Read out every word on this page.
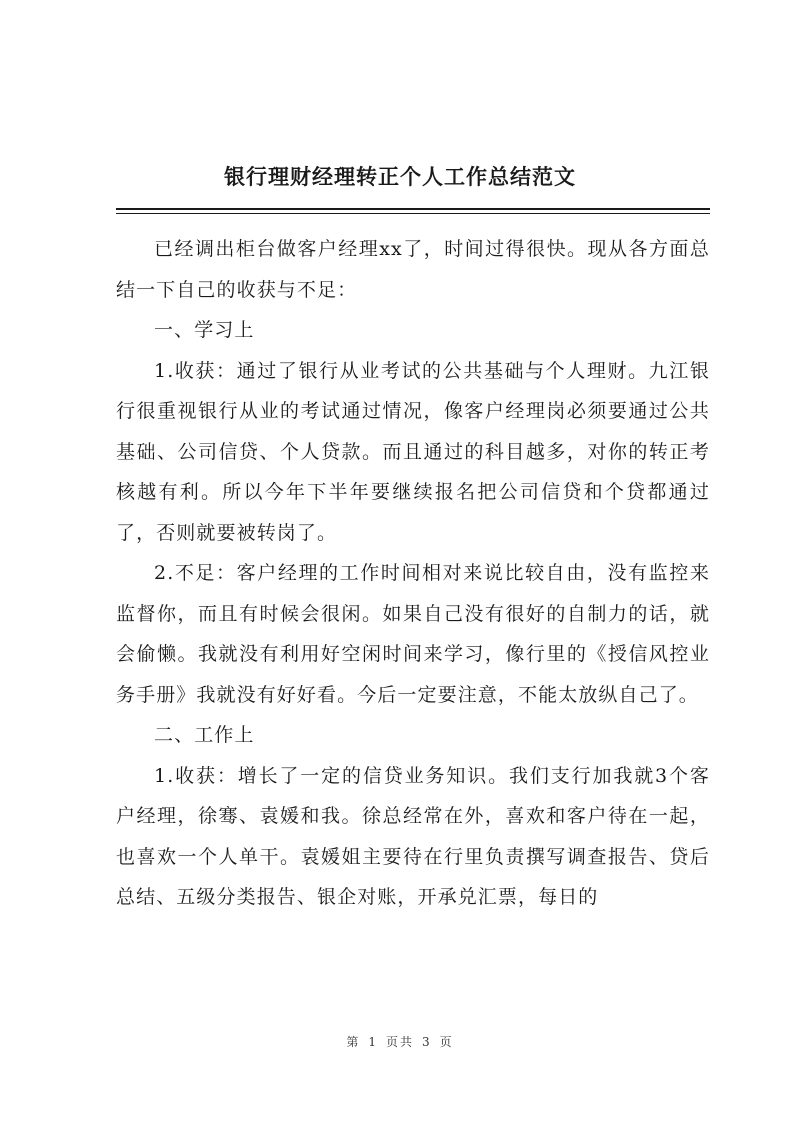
银行理财经理转正个人工作总结范文

已经调出柜台做客户经理xx了，时间过得很快。现从各方面总结一下自己的收获与不足：

一、学习上

1.收获：通过了银行从业考试的公共基础与个人理财。九江银行很重视银行从业的考试通过情况，像客户经理岗必须要通过公共基础、公司信贷、个人贷款。而且通过的科目越多，对你的转正考核越有利。所以今年下半年要继续报名把公司信贷和个贷都通过了，否则就要被转岗了。

2.不足：客户经理的工作时间相对来说比较自由，没有监控来监督你，而且有时候会很闲。如果自己没有很好的自制力的话，就会偷懒。我就没有利用好空闲时间来学习，像行里的《授信风控业务手册》我就没有好好看。今后一定要注意，不能太放纵自己了。

二、工作上

1.收获：增长了一定的信贷业务知识。我们支行加我就3个客户经理，徐骞、袁媛和我。徐总经常在外，喜欢和客户待在一起，也喜欢一个人单干。袁媛姐主要待在行里负责撰写调查报告、贷后总结、五级分类报告、银企对账，开承兑汇票，每日的

第 1 页共 3 页
